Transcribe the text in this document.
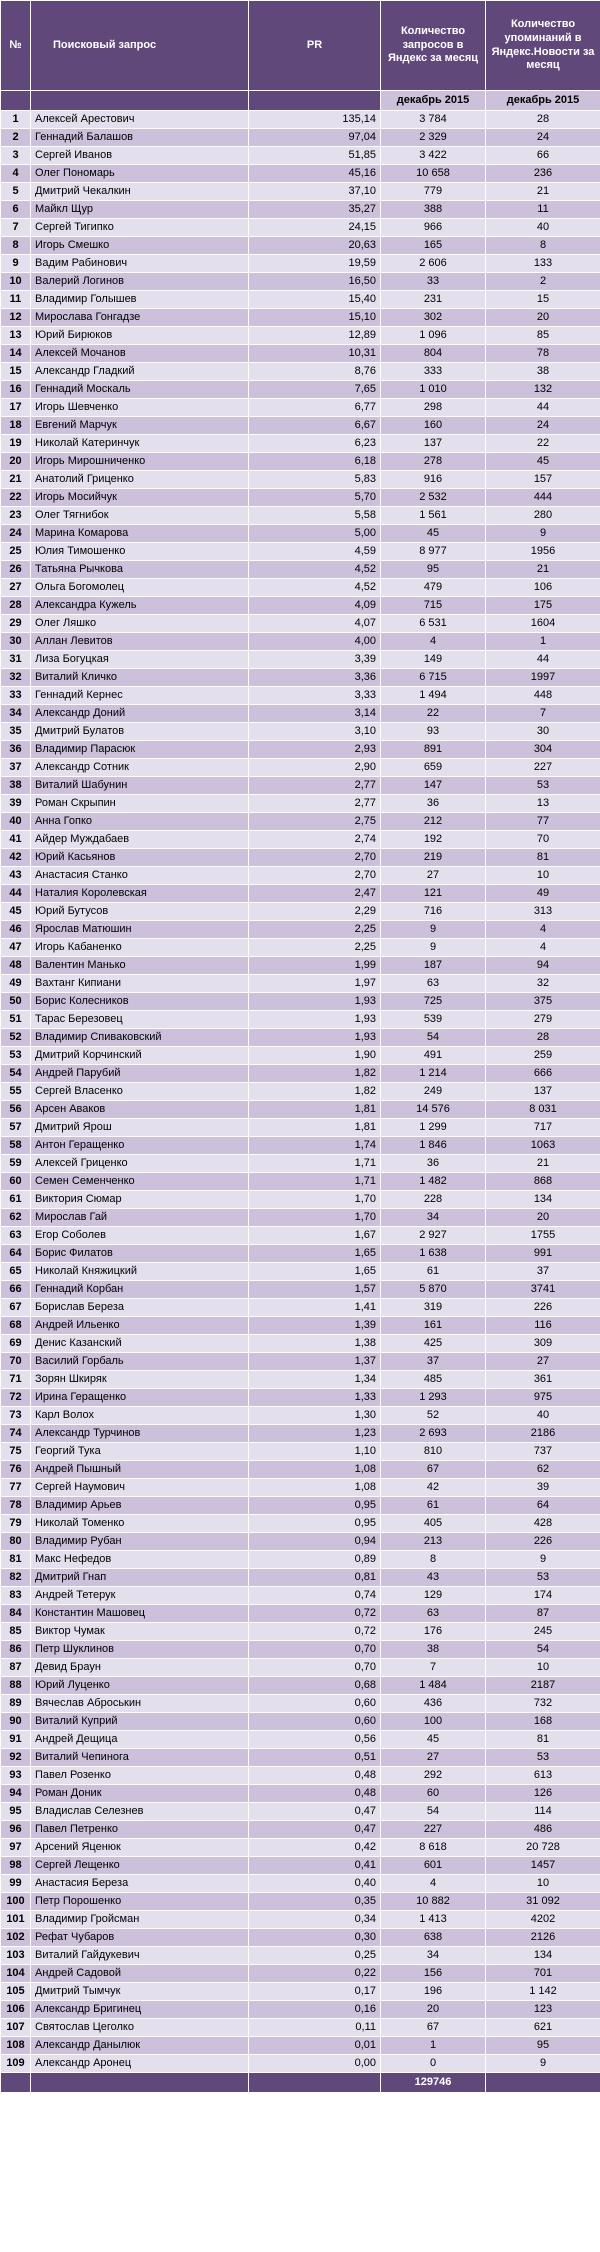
№	Поисковый запрос	PR	Количество запросов в Яндекс за месяц	Количество упоминаний в Яндекс.Новости за месяц
			декабрь 2015	декабрь 2015
1	Алексей Арестович	135,14	3 784	28
2	Геннадий Балашов	97,04	2 329	24
3	Сергей Иванов	51,85	3 422	66
4	Олег Пономарь	45,16	10 658	236
5	Дмитрий Чекалкин	37,10	779	21
6	Майкл Щур	35,27	388	11
7	Сергей Тигипко	24,15	966	40
8	Игорь Смешко	20,63	165	8
9	Вадим Рабинович	19,59	2 606	133
10	Валерий Логинов	16,50	33	2
11	Владимир Голышев	15,40	231	15
12	Мирослава Гонгадзе	15,10	302	20
13	Юрий Бирюков	12,89	1 096	85
14	Алексей Мочанов	10,31	804	78
15	Александр Гладкий	8,76	333	38
16	Геннадий Москаль	7,65	1 010	132
17	Игорь Шевченко	6,77	298	44
18	Евгений Марчук	6,67	160	24
19	Николай Катеринчук	6,23	137	22
20	Игорь Мирошниченко	6,18	278	45
21	Анатолий Гриценко	5,83	916	157
22	Игорь Мосийчук	5,70	2 532	444
23	Олег Тягнибок	5,58	1 561	280
24	Марина Комарова	5,00	45	9
25	Юлия Тимошенко	4,59	8 977	1956
26	Татьяна Рычкова	4,52	95	21
27	Ольга Богомолец	4,52	479	106
28	Александра Кужель	4,09	715	175
29	Олег Ляшко	4,07	6 531	1604
30	Аллан Левитов	4,00	4	1
31	Лиза Богуцкая	3,39	149	44
32	Виталий Кличко	3,36	6 715	1997
33	Геннадий Кернес	3,33	1 494	448
34	Александр Доний	3,14	22	7
35	Дмитрий Булатов	3,10	93	30
36	Владимир Парасюк	2,93	891	304
37	Александр Сотник	2,90	659	227
38	Виталий Шабунин	2,77	147	53
39	Роман Скрыпин	2,77	36	13
40	Анна Гопко	2,75	212	77
41	Айдер Муждабаев	2,74	192	70
42	Юрий Касьянов	2,70	219	81
43	Анастасия Станко	2,70	27	10
44	Наталия Королевская	2,47	121	49
45	Юрий Бутусов	2,29	716	313
46	Ярослав Матюшин	2,25	9	4
47	Игорь Кабаненко	2,25	9	4
48	Валентин Манько	1,99	187	94
49	Вахтанг Кипиани	1,97	63	32
50	Борис Колесников	1,93	725	375
51	Тарас Березовец	1,93	539	279
52	Владимир Спиваковский	1,93	54	28
53	Дмитрий Корчинский	1,90	491	259
54	Андрей Парубий	1,82	1 214	666
55	Сергей Власенко	1,82	249	137
56	Арсен Аваков	1,81	14 576	8 031
57	Дмитрий Ярош	1,81	1 299	717
58	Антон Геращенко	1,74	1 846	1063
59	Алексей Гриценко	1,71	36	21
60	Семен Семенченко	1,71	1 482	868
61	Виктория Сюмар	1,70	228	134
62	Мирослав Гай	1,70	34	20
63	Егор Соболев	1,67	2 927	1755
64	Борис Филатов	1,65	1 638	991
65	Николай Княжицкий	1,65	61	37
66	Геннадий Корбан	1,57	5 870	3741
67	Борислав Береза	1,41	319	226
68	Андрей Ильенко	1,39	161	116
69	Денис Казанский	1,38	425	309
70	Василий Горбаль	1,37	37	27
71	Зорян Шкиряк	1,34	485	361
72	Ирина Геращенко	1,33	1 293	975
73	Карл Волох	1,30	52	40
74	Александр Турчинов	1,23	2 693	2186
75	Георгий Тука	1,10	810	737
76	Андрей Пышный	1,08	67	62
77	Сергей Наумович	1,08	42	39
78	Владимир Арьев	0,95	61	64
79	Николай Томенко	0,95	405	428
80	Владимир Рубан	0,94	213	226
81	Макс Нефедов	0,89	8	9
82	Дмитрий Гнап	0,81	43	53
83	Андрей Тетерук	0,74	129	174
84	Константин Машовец	0,72	63	87
85	Виктор Чумак	0,72	176	245
86	Петр Шуклинов	0,70	38	54
87	Девид Браун	0,70	7	10
88	Юрий Луценко	0,68	1 484	2187
89	Вячеслав Аброськин	0,60	436	732
90	Виталий Куприй	0,60	100	168
91	Андрей Дещица	0,56	45	81
92	Виталий Чепинога	0,51	27	53
93	Павел Розенко	0,48	292	613
94	Роман Доник	0,48	60	126
95	Владислав Селезнев	0,47	54	114
96	Павел Петренко	0,47	227	486
97	Арсений Яценюк	0,42	8 618	20 728
98	Сергей Лещенко	0,41	601	1457
99	Анастасия Береза	0,40	4	10
100	Петр Порошенко	0,35	10 882	31 092
101	Владимир Гройсман	0,34	1 413	4202
102	Рефат Чубаров	0,30	638	2126
103	Виталий Гайдукевич	0,25	34	134
104	Андрей Садовой	0,22	156	701
105	Дмитрий Тымчук	0,17	196	1 142
106	Александр Бригинец	0,16	20	123
107	Святослав Цеголко	0,11	67	621
108	Александр Данылюк	0,01	1	95
109	Александр Аронец	0,00	0	9
			129746	
